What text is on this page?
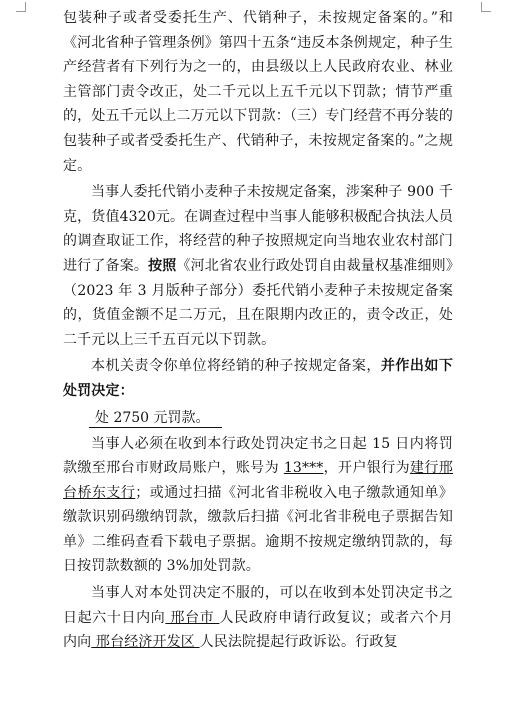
包装种子或者受委托生产、代销种子，未按规定备案的。”和《河北省种子管理条例》第四十五条“违反本条例规定，种子生产经营者有下列行为之一的，由县级以上人民政府农业、林业主管部门责令改正，处二千元以上五千元以下罚款；情节严重的，处五千元以上二万元以下罚款：（三）专门经营不再分装的包装种子或者受委托生产、代销种子，未按规定备案的。”之规定。

当事人委托代销小麦种子未按规定备案，涉案种子 900 千克，货值4320元。在调查过程中当事人能够积极配合执法人员的调查取证工作，将经营的种子按照规定向当地农业农村部门进行了备案。按照《河北省农业行政处罚自由裁量权基准细则》（2023 年 3 月版种子部分）委托代销小麦种子未按规定备案的，货值金额不足二万元，且在限期内改正的，责令改正，处二千元以上三千五百元以下罚款。

本机关责令你单位将经销的种子按规定备案，并作出如下处罚决定：

处 2750 元罚款。

当事人必须在收到本行政处罚决定书之日起 15 日内将罚款缴至邢台市财政局账户，账号为 13***，开户银行为建行邢台桥东支行；或通过扫描《河北省非税收入电子缴款通知单》缴款识别码缴纳罚款，缴款后扫描《河北省非税电子票据告知单》二维码查看下载电子票据。逾期不按规定缴纳罚款的，每日按罚款数额的 3%加处罚款。

当事人对本处罚决定不服的，可以在收到本处罚决定书之日起六十日内向 邢台市 人民政府申请行政复议；或者六个月内向 邢台经济开发区 人民法院提起行政诉讼。行政复
